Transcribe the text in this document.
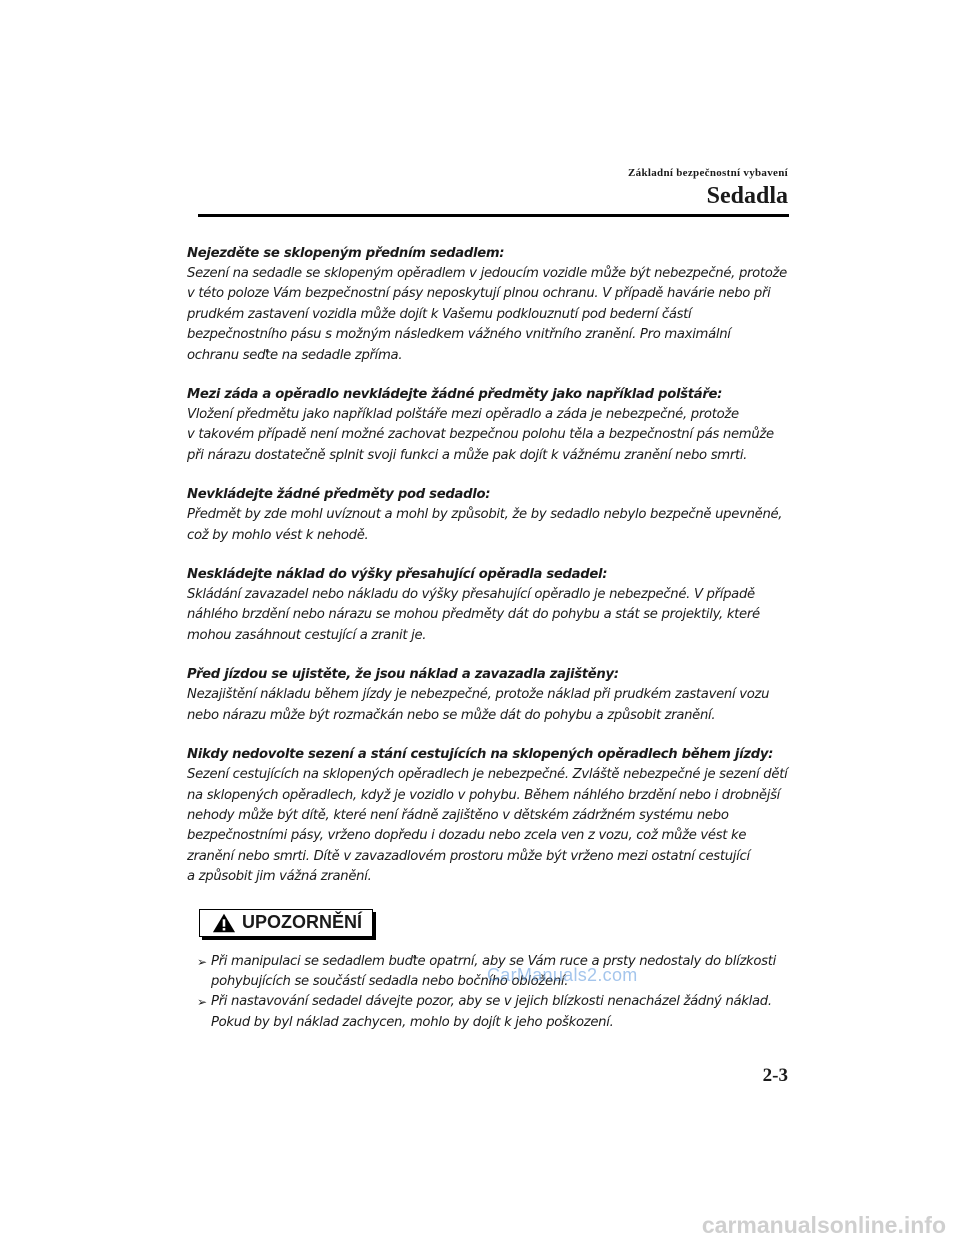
Základní bezpečnostní vybavení
Sedadla
Nejezděte se sklopeným předním sedadlem:
Sezení na sedadle se sklopeným opěradlem v jedoucím vozidle může být nebezpečné, protože
v této poloze Vám bezpečnostní pásy neposkytují plnou ochranu. V případě havárie nebo při
prudkém zastavení vozidla může dojít k Vašemu podklouznutí pod bederní částí
bezpečnostního pásu s možným následkem vážného vnitřního zranění. Pro maximální
ochranu seďte na sedadle zpříma.
Mezi záda a opěradlo nevkládejte žádné předměty jako například polštáře:
Vložení předmětu jako například polštáře mezi opěradlo a záda je nebezpečné, protože
v takovém případě není možné zachovat bezpečnou polohu těla a bezpečnostní pás nemůže
při nárazu dostatečně splnit svoji funkci a může pak dojít k vážnému zranění nebo smrti.
Nevkládejte žádné předměty pod sedadlo:
Předmět by zde mohl uvíznout a mohl by způsobit, že by sedadlo nebylo bezpečně upevněné,
což by mohlo vést k nehodě.
Neskládejte náklad do výšky přesahující opěradla sedadel:
Skládání zavazadel nebo nákladu do výšky přesahující opěradlo je nebezpečné. V případě
náhlého brzdění nebo nárazu se mohou předměty dát do pohybu a stát se projektily, které
mohou zasáhnout cestující a zranit je.
Před jízdou se ujistěte, že jsou náklad a zavazadla zajištěny:
Nezajištění nákladu během jízdy je nebezpečné, protože náklad při prudkém zastavení vozu
nebo nárazu může být rozmačkán nebo se může dát do pohybu a způsobit zranění.
Nikdy nedovolte sezení a stání cestujících na sklopených opěradlech během jízdy:
Sezení cestujících na sklopených opěradlech je nebezpečné. Zvláště nebezpečné je sezení dětí
na sklopených opěradlech, když je vozidlo v pohybu. Během náhlého brzdění nebo i drobnější
nehody může být dítě, které není řádně zajištěno v dětském zádržném systému nebo
bezpečnostními pásy, vrženo dopředu i dozadu nebo zcela ven z vozu, což může vést ke
zranění nebo smrti. Dítě v zavazadlovém prostoru může být vrženo mezi ostatní cestující
a způsobit jim vážná zranění.
UPOZORNĚNÍ
➢ Při manipulaci se sedadlem buďte opatrní, aby se Vám ruce a prsty nedostaly do blízkosti
pohybujících se součástí sedadla nebo bočního obložení.
➢ Při nastavování sedadel dávejte pozor, aby se v jejich blízkosti nenacházel žádný náklad.
Pokud by byl náklad zachycen, mohlo by dojít k jeho poškození.
CarManuals2.com
2-3
carmanualsonline.info
